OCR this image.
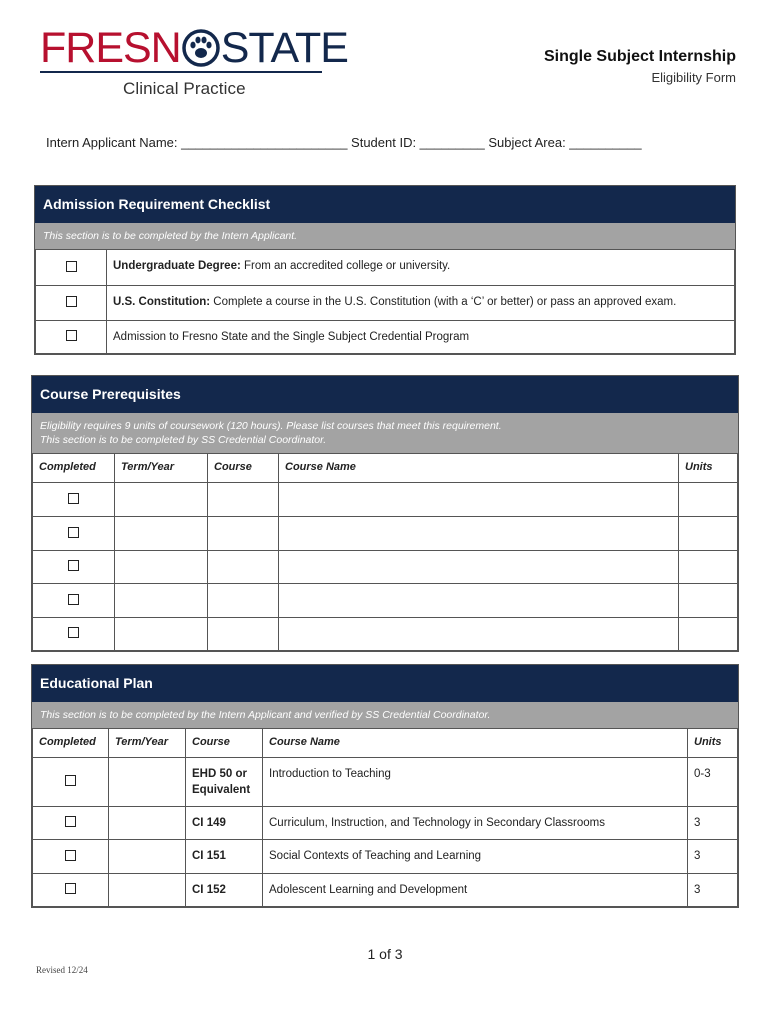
FRESN STATE
Clinical Practice
Single Subject Internship
Eligibility Form
Intern Applicant Name: _______________________ Student ID: _________ Subject Area: __________
Admission Requirement Checklist
This section is to be completed by the Intern Applicant.
	Undergraduate Degree: From an accredited college or university.
	U.S. Constitution: Complete a course in the U.S. Constitution (with a ‘C’ or better) or pass an approved exam.
	Admission to Fresno State and the Single Subject Credential Program
Course Prerequisites
Eligibility requires 9 units of coursework (120 hours). Please list courses that meet this requirement.
This section is to be completed by SS Credential Coordinator.
Completed	Term/Year	Course	Course Name	Units

Educational Plan
This section is to be completed by the Intern Applicant and verified by SS Credential Coordinator.
Completed	Term/Year	Course	Course Name	Units
		EHD 50 or Equivalent	Introduction to Teaching	0-3
		CI 149	Curriculum, Instruction, and Technology in Secondary Classrooms	3
		CI 151	Social Contexts of Teaching and Learning	3
		CI 152	Adolescent Learning and Development	3
1 of 3
Revised 12/24
